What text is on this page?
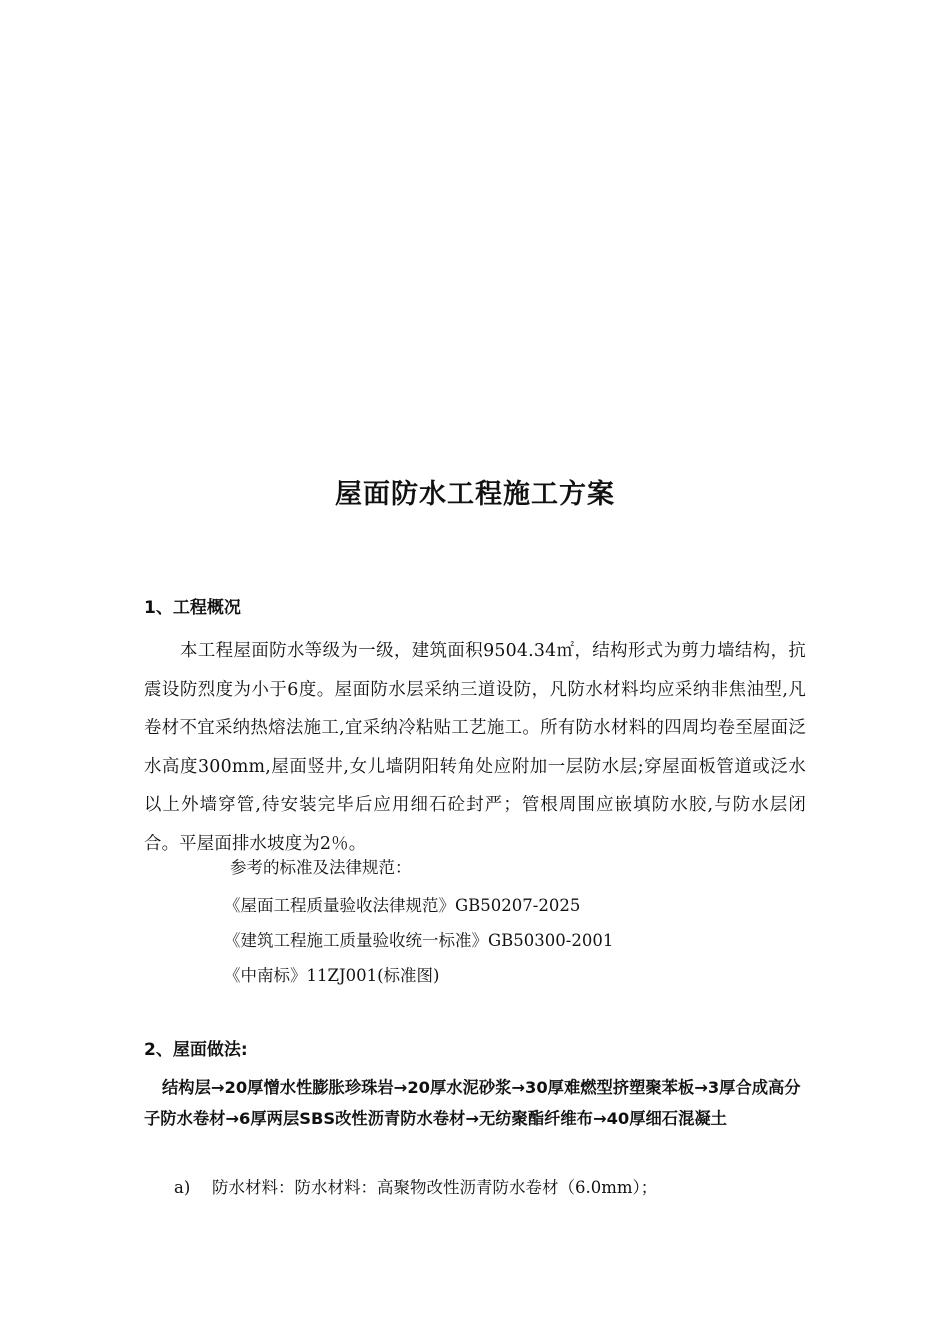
屋面防水工程施工方案
1、工程概况

本工程屋面防水等级为一级，建筑面积9504.34㎡，结构形式为剪力墙结构，抗震设防烈度为小于6度。屋面防水层采纳三道设防，凡防水材料均应采纳非焦油型,凡卷材不宜采纳热熔法施工,宜采纳冷粘贴工艺施工。所有防水材料的四周均卷至屋面泛水高度300mm,屋面竖井,女儿墙阴阳转角处应附加一层防水层;穿屋面板管道或泛水以上外墙穿管,待安装完毕后应用细石砼封严；管根周围应嵌填防水胶,与防水层闭合。平屋面排水坡度为2％。

参考的标准及法律规范：
《屋面工程质量验收法律规范》GB50207-2025
《建筑工程施工质量验收统一标准》GB50300-2001
《中南标》11ZJ001(标准图)
2、屋面做法:

结构层→20厚憎水性膨胀珍珠岩→20厚水泥砂浆→30厚难燃型挤塑聚苯板→3厚合成高分子防水卷材→6厚两层SBS改性沥青防水卷材→无纺聚酯纤维布→40厚细石混凝土

a) 防水材料：防水材料：高聚物改性沥青防水卷材（6.0mm）；
